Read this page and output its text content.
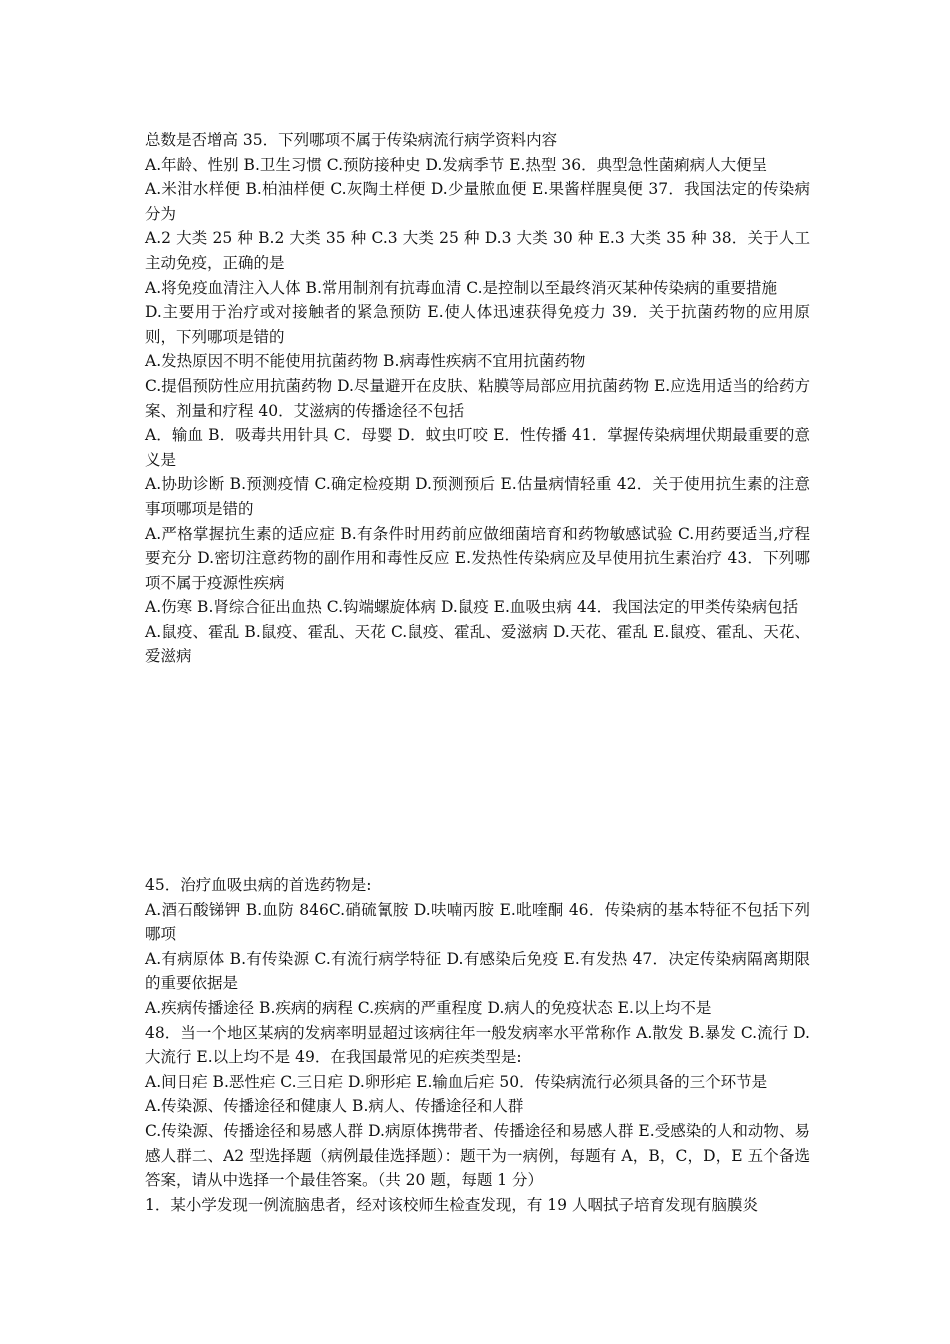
总数是否增高 35．下列哪项不属于传染病流行病学资料内容

A.年龄、性别 B.卫生习惯 C.预防接种史 D.发病季节 E.热型 36．典型急性菌痢病人大便呈

A.米泔水样便 B.柏油样便 C.灰陶土样便 D.少量脓血便 E.果酱样腥臭便 37．我国法定的传染病分为

A.2 大类 25 种 B.2 大类 35 种 C.3 大类 25 种 D.3 大类 30 种 E.3 大类 35 种 38．关于人工主动免疫，正确的是

A.将免疫血清注入人体 B.常用制剂有抗毒血清 C.是控制以至最终消灭某种传染病的重要措施

D.主要用于治疗或对接触者的紧急预防 E.使人体迅速获得免疫力 39．关于抗菌药物的应用原则，下列哪项是错的

A.发热原因不明不能使用抗菌药物 B.病毒性疾病不宜用抗菌药物

C.提倡预防性应用抗菌药物 D.尽量避开在皮肤、粘膜等局部应用抗菌药物 E.应选用适当的给药方案、剂量和疗程 40．艾滋病的传播途径不包括

A．输血 B．吸毒共用针具 C．母婴 D．蚊虫叮咬 E．性传播 41．掌握传染病埋伏期最重要的意义是

A.协助诊断 B.预测疫情 C.确定检疫期 D.预测预后 E.估量病情轻重 42．关于使用抗生素的注意事项哪项是错的

A.严格掌握抗生素的适应症 B.有条件时用药前应做细菌培育和药物敏感试验 C.用药要适当,疗程要充分 D.密切注意药物的副作用和毒性反应 E.发热性传染病应及早使用抗生素治疗 43．下列哪项不属于疫源性疾病

A.伤寒 B.肾综合征出血热 C.钩端螺旋体病 D.鼠疫 E.血吸虫病 44．我国法定的甲类传染病包括

A.鼠疫、霍乱 B.鼠疫、霍乱、天花 C.鼠疫、霍乱、爱滋病 D.天花、霍乱 E.鼠疫、霍乱、天花、爱滋病

45．治疗血吸虫病的首选药物是:

A.酒石酸锑钾 B.血防 846C.硝硫氰胺 D.呋喃丙胺 E.吡喹酮 46．传染病的基本特征不包括下列哪项

A.有病原体 B.有传染源 C.有流行病学特征 D.有感染后免疫 E.有发热 47．决定传染病隔离期限的重要依据是

A.疾病传播途径 B.疾病的病程 C.疾病的严重程度 D.病人的免疫状态 E.以上均不是

48．当一个地区某病的发病率明显超过该病往年一般发病率水平常称作 A.散发 B.暴发 C.流行 D.大流行 E.以上均不是 49．在我国最常见的疟疾类型是:

A.间日疟 B.恶性疟 C.三日疟 D.卵形疟 E.输血后疟 50．传染病流行必须具备的三个环节是

A.传染源、传播途径和健康人 B.病人、传播途径和人群

C.传染源、传播途径和易感人群 D.病原体携带者、传播途径和易感人群 E.受感染的人和动物、易感人群二、A2 型选择题（病例最佳选择题）：题干为一病例，每题有 A，B，C，D，E 五个备选答案，请从中选择一个最佳答案。（共 20 题，每题 1 分）

1．某小学发现一例流脑患者，经对该校师生检查发现，有 19 人咽拭子培育发现有脑膜炎
